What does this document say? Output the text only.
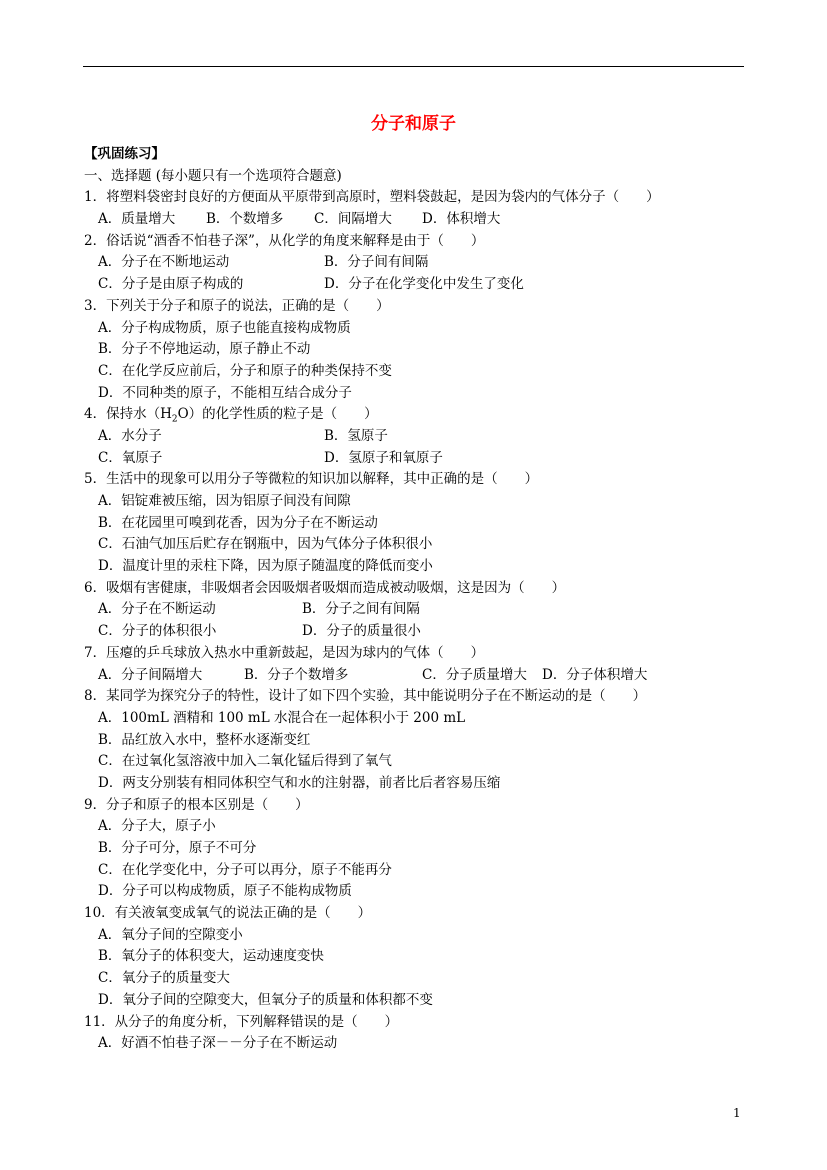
分子和原子
【巩固练习】
一、选择题 (每小题只有一个选项符合题意)
1．将塑料袋密封良好的方便面从平原带到高原时，塑料袋鼓起，是因为袋内的气体分子（　　）
A．质量增大 B．个数增多 C．间隔增大 D．体积增大
2．俗话说“酒香不怕巷子深”，从化学的角度来解释是由于（　　）
A．分子在不断地运动	B．分子间有间隔
C．分子是由原子构成的	D．分子在化学变化中发生了变化
3．下列关于分子和原子的说法，正确的是（　　）
A．分子构成物质，原子也能直接构成物质
B．分子不停地运动，原子静止不动
C．在化学反应前后，分子和原子的种类保持不变
D．不同种类的原子，不能相互结合成分子
4．保持水$(H_2O)$的化学性质的粒子是（　　）
A．水分子	B．氢原子
C．氧原子	D．氢原子和氧原子
5．生活中的现象可以用分子等微粒的知识加以解释，其中正确的是（　　）
A．铝锭难被压缩，因为铝原子间没有间隙
B．在花园里可嗅到花香，因为分子在不断运动
C．石油气加压后贮存在钢瓶中，因为气体分子体积很小
D．温度计里的汞柱下降，因为原子随温度的降低而变小
6．吸烟有害健康，非吸烟者会因吸烟者吸烟而造成被动吸烟，这是因为（　　）
A．分子在不断运动	B．分子之间有间隔
C．分子的体积很小	D．分子的质量很小
7．压瘪的乒乓球放入热水中重新鼓起，是因为球内的气体（　　）
A．分子间隔增大	B．分子个数增多	C．分子质量增大 D．分子体积增大
8．某同学为探究分子的特性，设计了如下四个实验，其中能说明分子在不断运动的是（　　）
A．100mL 酒精和 100 mL 水混合在一起体积小于 200 mL
B．品红放入水中，整杯水逐渐变红
C．在过氧化氢溶液中加入二氧化锰后得到了氧气
D．两支分别装有相同体积空气和水的注射器，前者比后者容易压缩
9．分子和原子的根本区别是（　　）
A．分子大，原子小
B．分子可分，原子不可分
C．在化学变化中，分子可以再分，原子不能再分
D．分子可以构成物质，原子不能构成物质
10．有关液氧变成氧气的说法正确的是（　　）
A．氧分子间的空隙变小
B．氧分子的体积变大，运动速度变快
C．氧分子的质量变大
D．氧分子间的空隙变大，但氧分子的质量和体积都不变
11．从分子的角度分析，下列解释错误的是（　　）
A．好酒不怕巷子深－－分子在不断运动
1
